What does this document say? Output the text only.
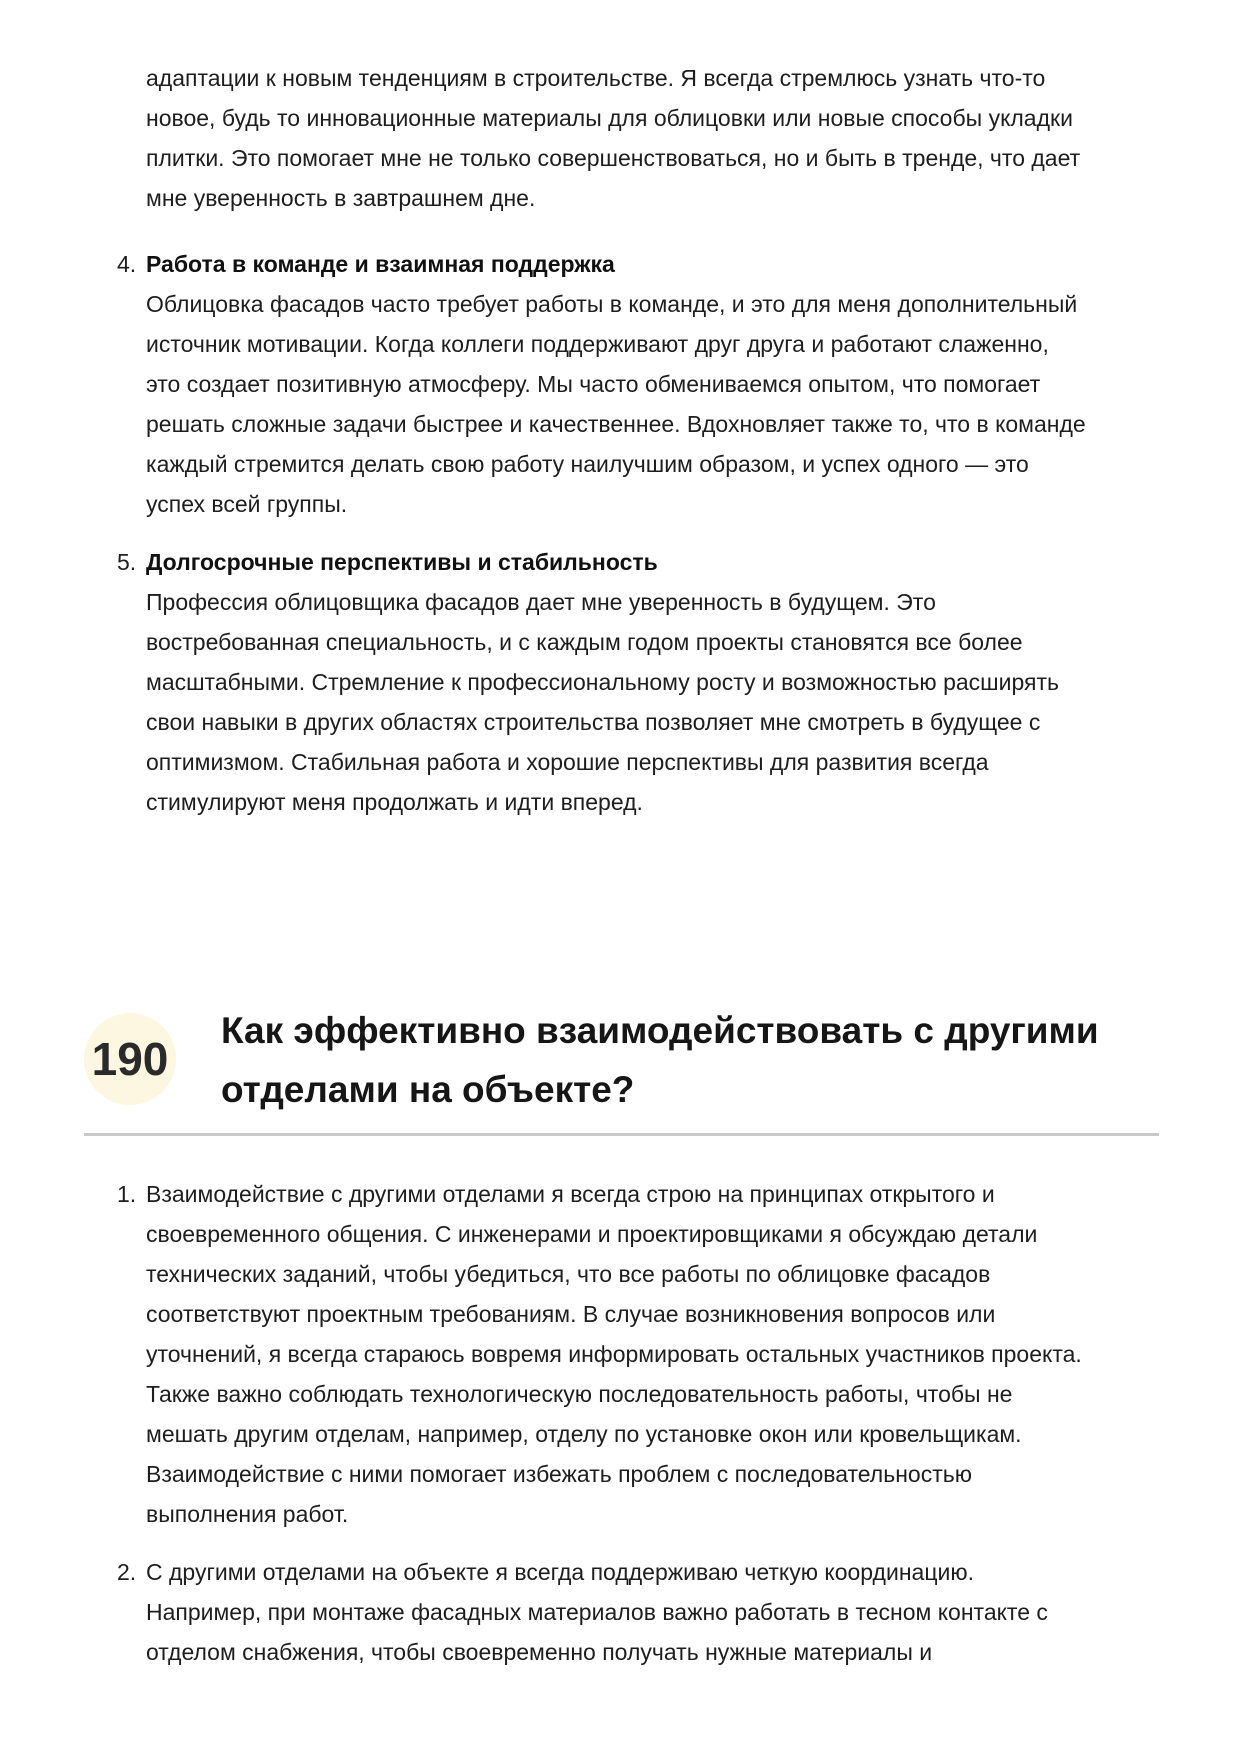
адаптации к новым тенденциям в строительстве. Я всегда стремлюсь узнать что-то
новое, будь то инновационные материалы для облицовки или новые способы укладки
плитки. Это помогает мне не только совершенствоваться, но и быть в тренде, что дает
мне уверенность в завтрашнем дне.
4. Работа в команде и взаимная поддержка
Облицовка фасадов часто требует работы в команде, и это для меня дополнительный
источник мотивации. Когда коллеги поддерживают друг друга и работают слаженно,
это создает позитивную атмосферу. Мы часто обмениваемся опытом, что помогает
решать сложные задачи быстрее и качественнее. Вдохновляет также то, что в команде
каждый стремится делать свою работу наилучшим образом, и успех одного — это
успех всей группы.
5. Долгосрочные перспективы и стабильность
Профессия облицовщика фасадов дает мне уверенность в будущем. Это
востребованная специальность, и с каждым годом проекты становятся все более
масштабными. Стремление к профессиональному росту и возможностью расширять
свои навыки в других областях строительства позволяет мне смотреть в будущее с
оптимизмом. Стабильная работа и хорошие перспективы для развития всегда
стимулируют меня продолжать и идти вперед.
190
Как эффективно взаимодействовать с другими отделами на объекте?
1. Взаимодействие с другими отделами я всегда строю на принципах открытого и
своевременного общения. С инженерами и проектировщиками я обсуждаю детали
технических заданий, чтобы убедиться, что все работы по облицовке фасадов
соответствуют проектным требованиям. В случае возникновения вопросов или
уточнений, я всегда стараюсь вовремя информировать остальных участников проекта.
Также важно соблюдать технологическую последовательность работы, чтобы не
мешать другим отделам, например, отделу по установке окон или кровельщикам.
Взаимодействие с ними помогает избежать проблем с последовательностью
выполнения работ.
2. С другими отделами на объекте я всегда поддерживаю четкую координацию.
Например, при монтаже фасадных материалов важно работать в тесном контакте с
отделом снабжения, чтобы своевременно получать нужные материалы и
